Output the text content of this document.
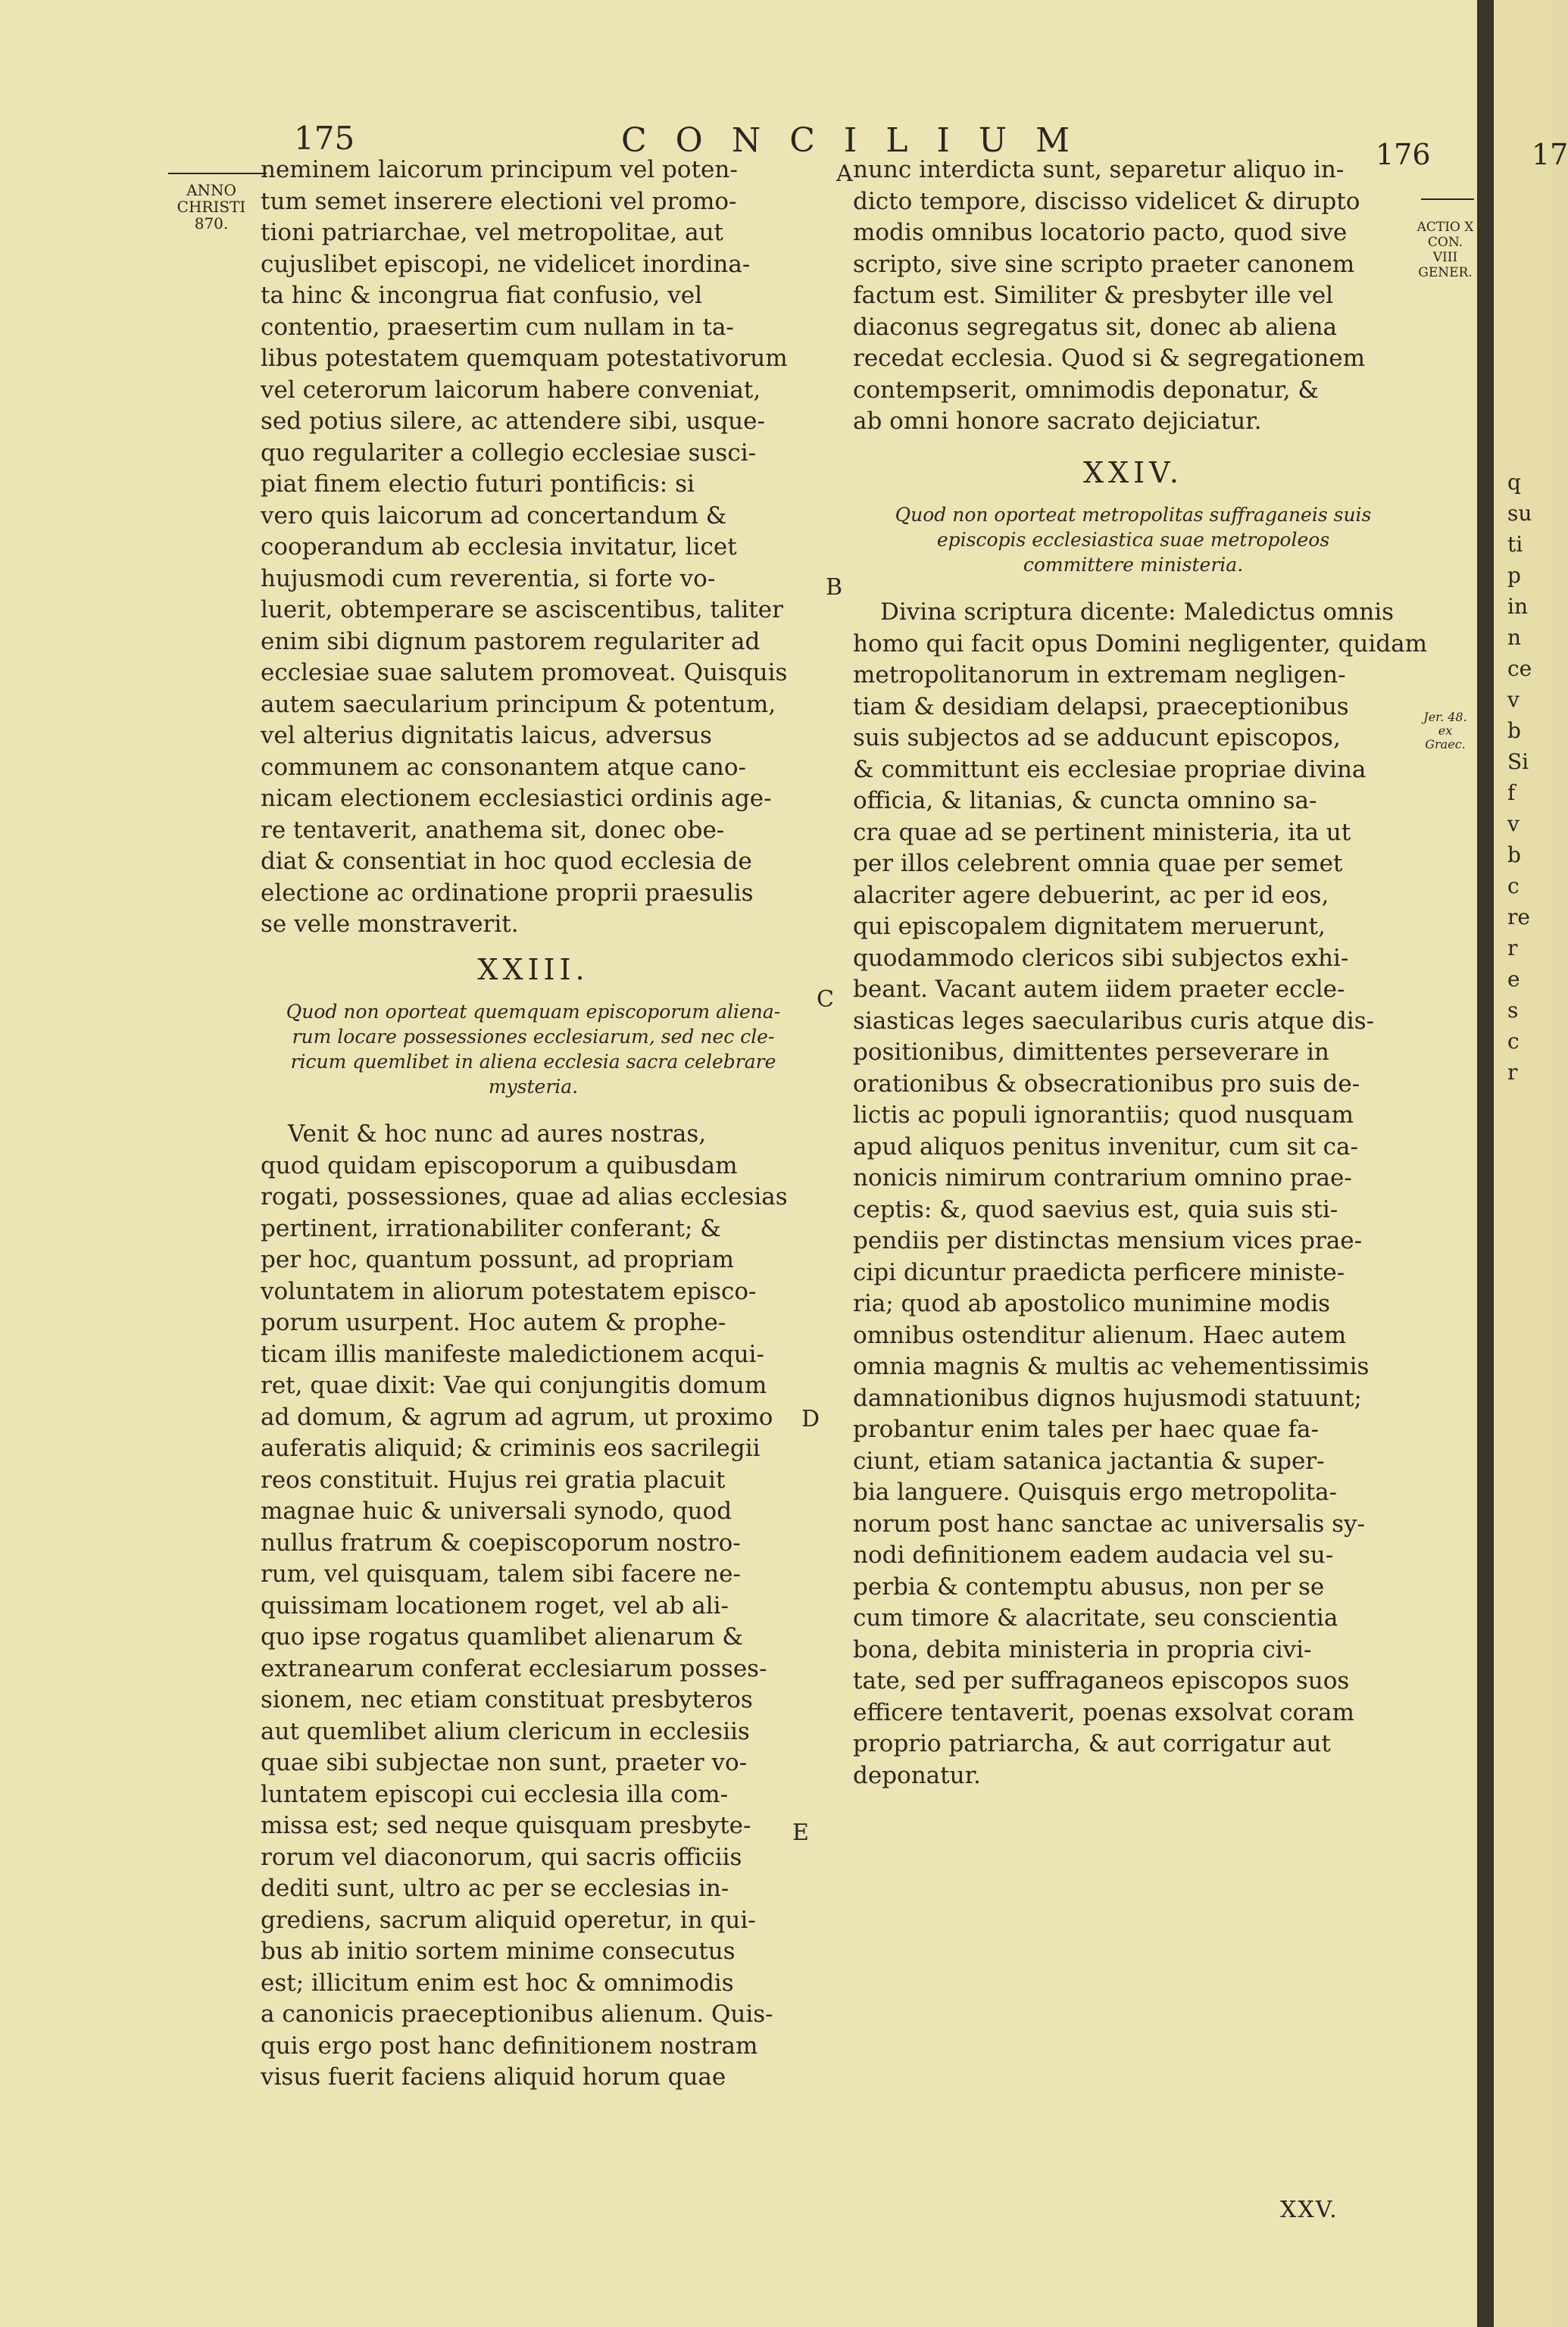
175	CONCILIUM	176	17
ANNO
CHRISTI
870.	ACTIO X
CON. VIII
GENER.
Jer. 48. ex
Graec.
A
B
C
D
E
neminem laicorum principum vel poten-
tum semet inserere electioni vel promo-
tioni patriarchae, vel metropolitae, aut
cujuslibet episcopi, ne videlicet inordina-
ta hinc & incongrua fiat confusio, vel
contentio, praesertim cum nullam in ta-
libus potestatem quemquam potestativorum
vel ceterorum laicorum habere conveniat,
sed potius silere, ac attendere sibi, usque-
quo regulariter a collegio ecclesiae susci-
piat finem electio futuri pontificis: si
vero quis laicorum ad concertandum &
cooperandum ab ecclesia invitatur, licet
hujusmodi cum reverentia, si forte vo-
luerit, obtemperare se asciscentibus, taliter
enim sibi dignum pastorem regulariter ad
ecclesiae suae salutem promoveat. Quisquis
autem saecularium principum & potentum,
vel alterius dignitatis laicus, adversus
communem ac consonantem atque cano-
nicam electionem ecclesiastici ordinis age-
re tentaverit, anathema sit, donec obe-
diat & consentiat in hoc quod ecclesia de
electione ac ordinatione proprii praesulis
se velle monstraverit.
XXIII.
Quod non oporteat quemquam episcoporum aliena-
rum locare possessiones ecclesiarum, sed nec cle-
ricum quemlibet in aliena ecclesia sacra celebrare
mysteria.
Venit & hoc nunc ad aures nostras,
quod quidam episcoporum a quibusdam
rogati, possessiones, quae ad alias ecclesias
pertinent, irrationabiliter conferant; &
per hoc, quantum possunt, ad propriam
voluntatem in aliorum potestatem episco-
porum usurpent. Hoc autem & prophe-
ticam illis manifeste maledictionem acqui-
ret, quae dixit: Vae qui conjungitis domum
ad domum, & agrum ad agrum, ut proximo
auferatis aliquid; & criminis eos sacrilegii
reos constituit. Hujus rei gratia placuit
magnae huic & universali synodo, quod
nullus fratrum & coepiscoporum nostro-
rum, vel quisquam, talem sibi facere ne-
quissimam locationem roget, vel ab ali-
quo ipse rogatus quamlibet alienarum &
extranearum conferat ecclesiarum posses-
sionem, nec etiam constituat presbyteros
aut quemlibet alium clericum in ecclesiis
quae sibi subjectae non sunt, praeter vo-
luntatem episcopi cui ecclesia illa com-
missa est; sed neque quisquam presbyte-
rorum vel diaconorum, qui sacris officiis
dediti sunt, ultro ac per se ecclesias in-
grediens, sacrum aliquid operetur, in qui-
bus ab initio sortem minime consecutus
est; illicitum enim est hoc & omnimodis
a canonicis praeceptionibus alienum. Quis-
quis ergo post hanc definitionem nostram
visus fuerit faciens aliquid horum quae
nunc interdicta sunt, separetur aliquo in-
dicto tempore, discisso videlicet & dirupto
modis omnibus locatorio pacto, quod sive
scripto, sive sine scripto praeter canonem
factum est. Similiter & presbyter ille vel
diaconus segregatus sit, donec ab aliena
recedat ecclesia. Quod si & segregationem
contempserit, omnimodis deponatur, &
ab omni honore sacrato dejiciatur.
XXIV.
Quod non oporteat metropolitas suffraganeis suis
episcopis ecclesiastica suae metropoleos
committere ministeria.
Divina scriptura dicente: Maledictus omnis
homo qui facit opus Domini negligenter, quidam
metropolitanorum in extremam negligen-
tiam & desidiam delapsi, praeceptionibus
suis subjectos ad se adducunt episcopos,
& committunt eis ecclesiae propriae divina
officia, & litanias, & cuncta omnino sa-
cra quae ad se pertinent ministeria, ita ut
per illos celebrent omnia quae per semet
alacriter agere debuerint, ac per id eos,
qui episcopalem dignitatem meruerunt,
quodammodo clericos sibi subjectos exhi-
beant. Vacant autem iidem praeter eccle-
siasticas leges saecularibus curis atque dis-
positionibus, dimittentes perseverare in
orationibus & obsecrationibus pro suis de-
lictis ac populi ignorantiis; quod nusquam
apud aliquos penitus invenitur, cum sit ca-
nonicis nimirum contrarium omnino prae-
ceptis: &, quod saevius est, quia suis sti-
pendiis per distinctas mensium vices prae-
cipi dicuntur praedicta perficere ministe-
ria; quod ab apostolico munimine modis
omnibus ostenditur alienum. Haec autem
omnia magnis & multis ac vehementissimis
damnationibus dignos hujusmodi statuunt;
probantur enim tales per haec quae fa-
ciunt, etiam satanica jactantia & super-
bia languere. Quisquis ergo metropolita-
norum post hanc sanctae ac universalis sy-
nodi definitionem eadem audacia vel su-
perbia & contemptu abusus, non per se
cum timore & alacritate, seu conscientia
bona, debita ministeria in propria civi-
tate, sed per suffraganeos episcopos suos
efficere tentaverit, poenas exsolvat coram
proprio patriarcha, & aut corrigatur aut
deponatur.
XXV.
q
su
ti
p
in
n
ce
v
b
Si
f
v
b
c
re
r
e
s
c
r
